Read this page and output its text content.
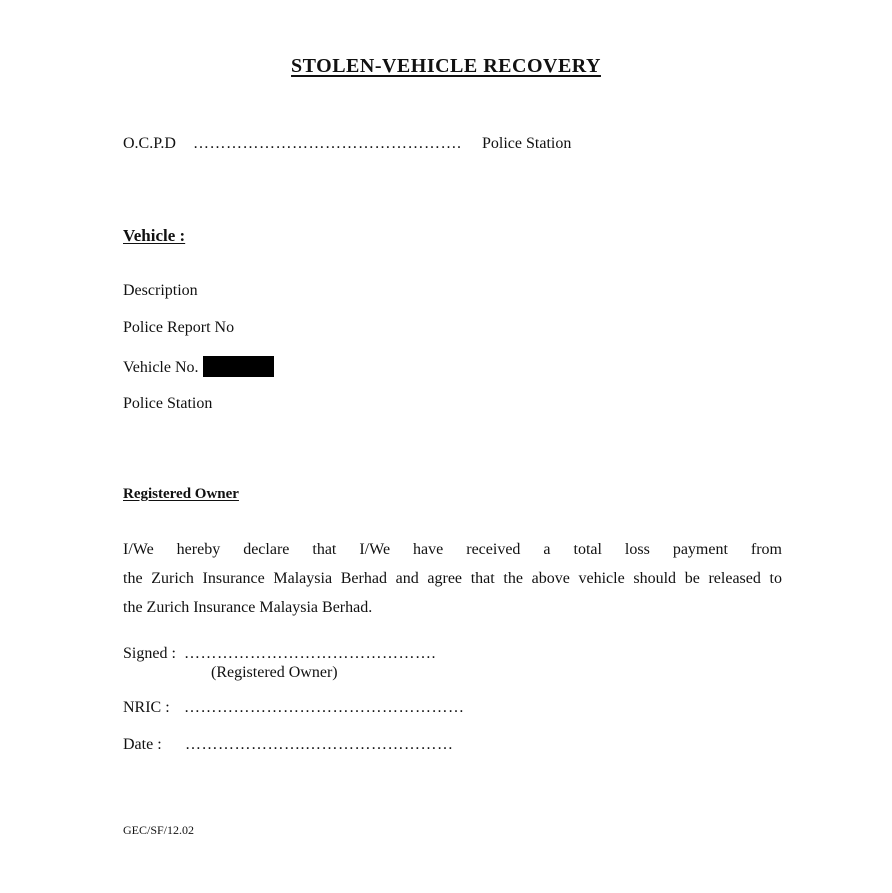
STOLEN-VEHICLE RECOVERY
O.C.P.D …………………………………………. Police Station
Vehicle :
Description
Police Report No
Vehicle No.
Police Station
Registered Owner
I/We hereby declare that I/We have received a total loss payment from
the Zurich Insurance Malaysia Berhad and agree that the above vehicle should be released to
the Zurich Insurance Malaysia Berhad.
Signed : ……………………………………….
(Registered Owner)
NRIC : ……………………………………………
Date : ………………….………………………
GEC/SF/12.02
